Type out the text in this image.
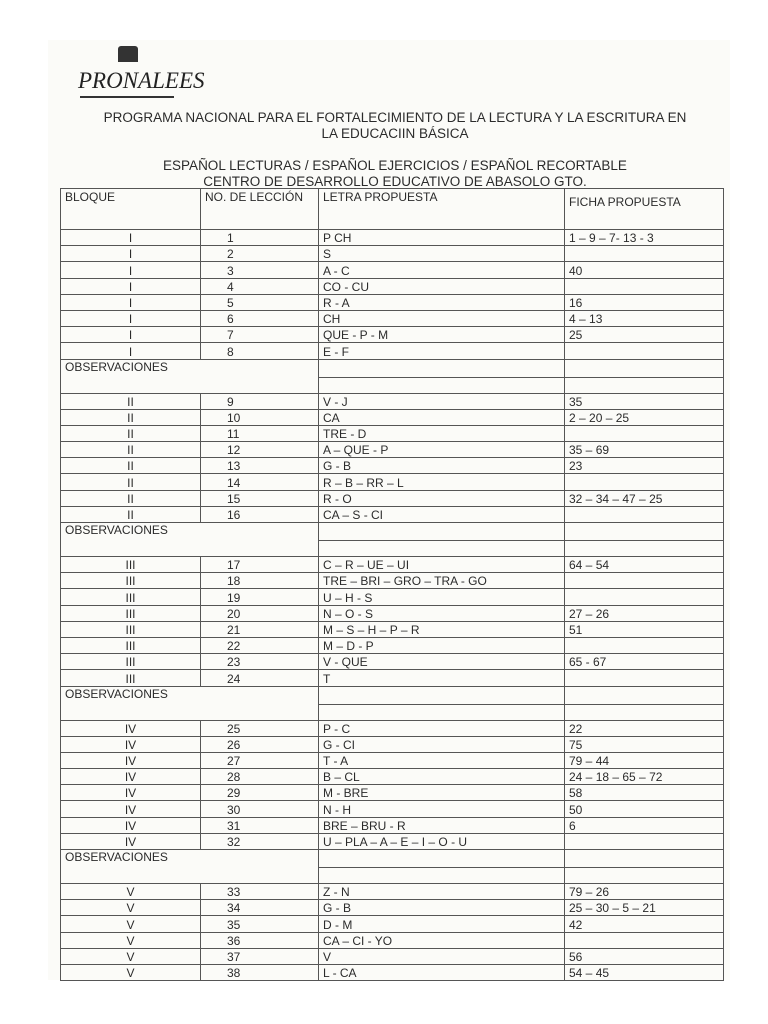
PRONALEES
PROGRAMA NACIONAL PARA EL FORTALECIMIENTO DE LA LECTURA Y LA ESCRITURA EN
LA EDUCACIIN BÁSICA
ESPAÑOL LECTURAS / ESPAÑOL EJERCICIOS / ESPAÑOL RECORTABLE
CENTRO DE DESARROLLO EDUCATIVO DE ABASOLO GTO.
BLOQUE	NO. DE LECCIÓN	LETRA PROPUESTA	FICHA PROPUESTA
I	1	P CH	1 – 9 – 7- 13 - 3
I	2	S	
I	3	A - C	40
I	4	CO - CU	
I	5	R - A	16
I	6	CH	4 – 13
I	7	QUE - P - M	25
I	8	E - F	
OBSERVACIONES			

II	9	V - J	35
II	10	CA	2 – 20 – 25
II	11	TRE - D	
II	12	A – QUE - P	35 – 69
II	13	G - B	23
II	14	R – B – RR – L	
II	15	R - O	32 – 34 – 47 – 25
II	16	CA – S - CI	
OBSERVACIONES			

III	17	C – R – UE – UI	64 – 54
III	18	TRE – BRI – GRO – TRA - GO	
III	19	U – H - S	
III	20	N – O - S	27 – 26
III	21	M – S – H – P – R	51
III	22	M – D - P	
III	23	V - QUE	65 - 67
III	24	T	
OBSERVACIONES			

IV	25	P - C	22
IV	26	G - CI	75
IV	27	T - A	79 – 44
IV	28	B – CL	24 – 18 – 65 – 72
IV	29	M - BRE	58
IV	30	N - H	50
IV	31	BRE – BRU - R	6
IV	32	U – PLA – A – E – I – O - U	
OBSERVACIONES			

V	33	Z - N	79 – 26
V	34	G - B	25 – 30 – 5 – 21
V	35	D - M	42
V	36	CA – CI - YO	
V	37	V	56
V	38	L - CA	54 – 45
